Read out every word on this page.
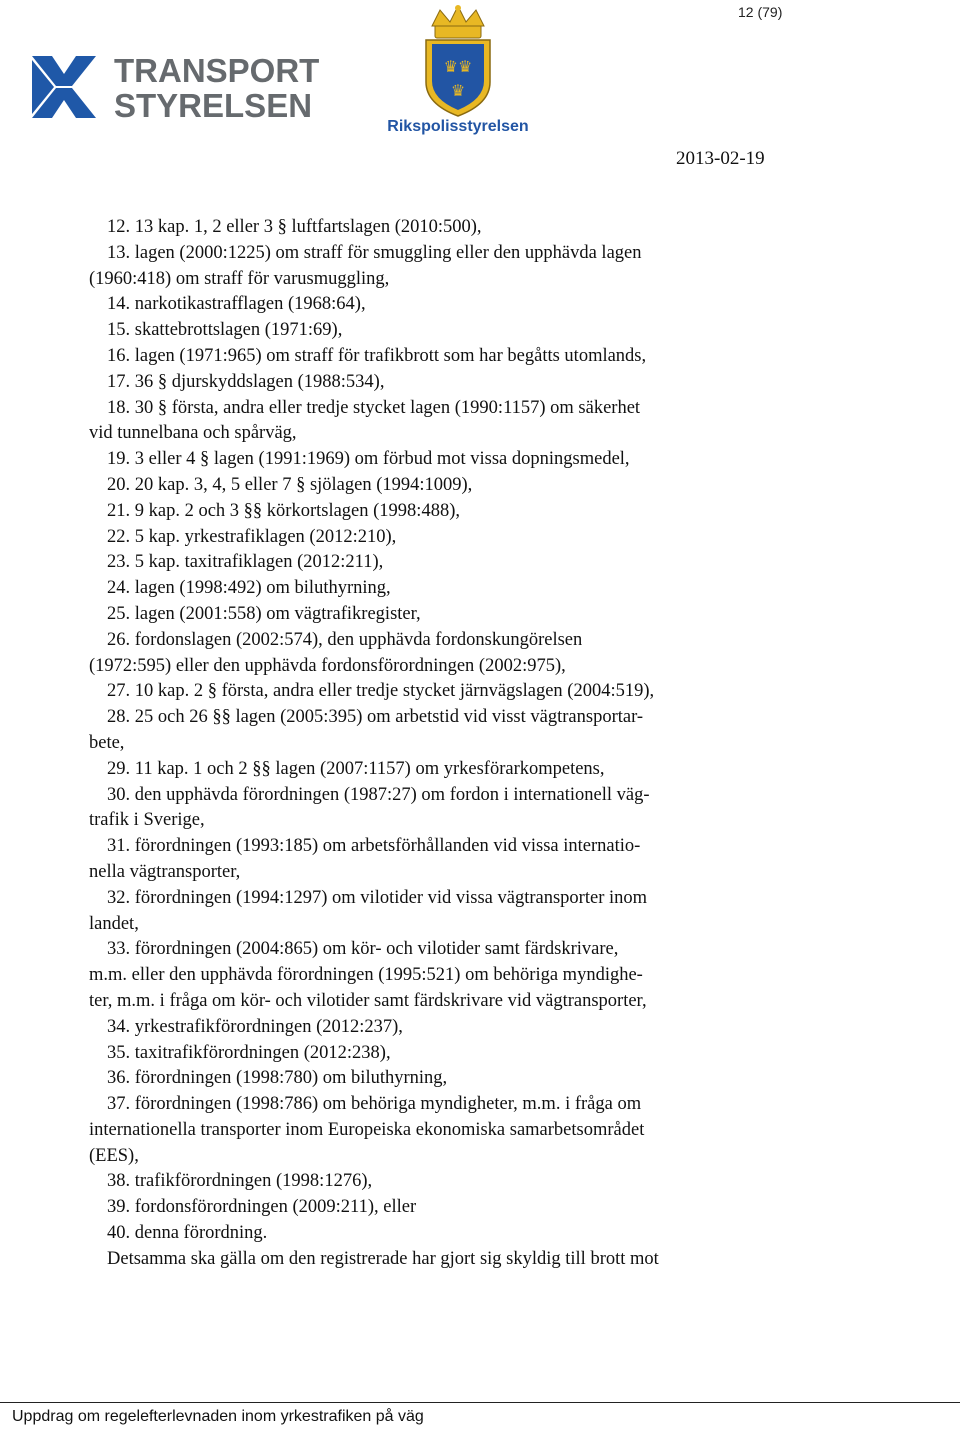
12 (79)
TRANSPORT
STYRELSEN
♛♛
♛
Rikspolisstyrelsen
2013-02-19
12. 13 kap. 1, 2 eller 3 § luftfartslagen (2010:500),
13. lagen (2000:1225) om straff för smuggling eller den upphävda lagen
(1960:418) om straff för varusmuggling,
14. narkotikastrafflagen (1968:64),
15. skattebrottslagen (1971:69),
16. lagen (1971:965) om straff för trafikbrott som har begåtts utomlands,
17. 36 § djurskyddslagen (1988:534),
18. 30 § första, andra eller tredje stycket lagen (1990:1157) om säkerhet
vid tunnelbana och spårväg,
19. 3 eller 4 § lagen (1991:1969) om förbud mot vissa dopningsmedel,
20. 20 kap. 3, 4, 5 eller 7 § sjölagen (1994:1009),
21. 9 kap. 2 och 3 §§ körkortslagen (1998:488),
22. 5 kap. yrkestrafiklagen (2012:210),
23. 5 kap. taxitrafiklagen (2012:211),
24. lagen (1998:492) om biluthyrning,
25. lagen (2001:558) om vägtrafikregister,
26. fordonslagen (2002:574), den upphävda fordonskungörelsen
(1972:595) eller den upphävda fordonsförordningen (2002:975),
27. 10 kap. 2 § första, andra eller tredje stycket järnvägslagen (2004:519),
28. 25 och 26 §§ lagen (2005:395) om arbetstid vid visst vägtransportar-
bete,
29. 11 kap. 1 och 2 §§ lagen (2007:1157) om yrkesförarkompetens,
30. den upphävda förordningen (1987:27) om fordon i internationell väg-
trafik i Sverige,
31. förordningen (1993:185) om arbetsförhållanden vid vissa internatio-
nella vägtransporter,
32. förordningen (1994:1297) om vilotider vid vissa vägtransporter inom
landet,
33. förordningen (2004:865) om kör- och vilotider samt färdskrivare,
m.m. eller den upphävda förordningen (1995:521) om behöriga myndighe-
ter, m.m. i fråga om kör- och vilotider samt färdskrivare vid vägtransporter,
34. yrkestrafikförordningen (2012:237),
35. taxitrafikförordningen (2012:238),
36. förordningen (1998:780) om biluthyrning,
37. förordningen (1998:786) om behöriga myndigheter, m.m. i fråga om
internationella transporter inom Europeiska ekonomiska samarbetsområdet
(EES),
38. trafikförordningen (1998:1276),
39. fordonsförordningen (2009:211), eller
40. denna förordning.
Detsamma ska gälla om den registrerade har gjort sig skyldig till brott mot
Uppdrag om regelefterlevnaden inom yrkestrafiken på väg
